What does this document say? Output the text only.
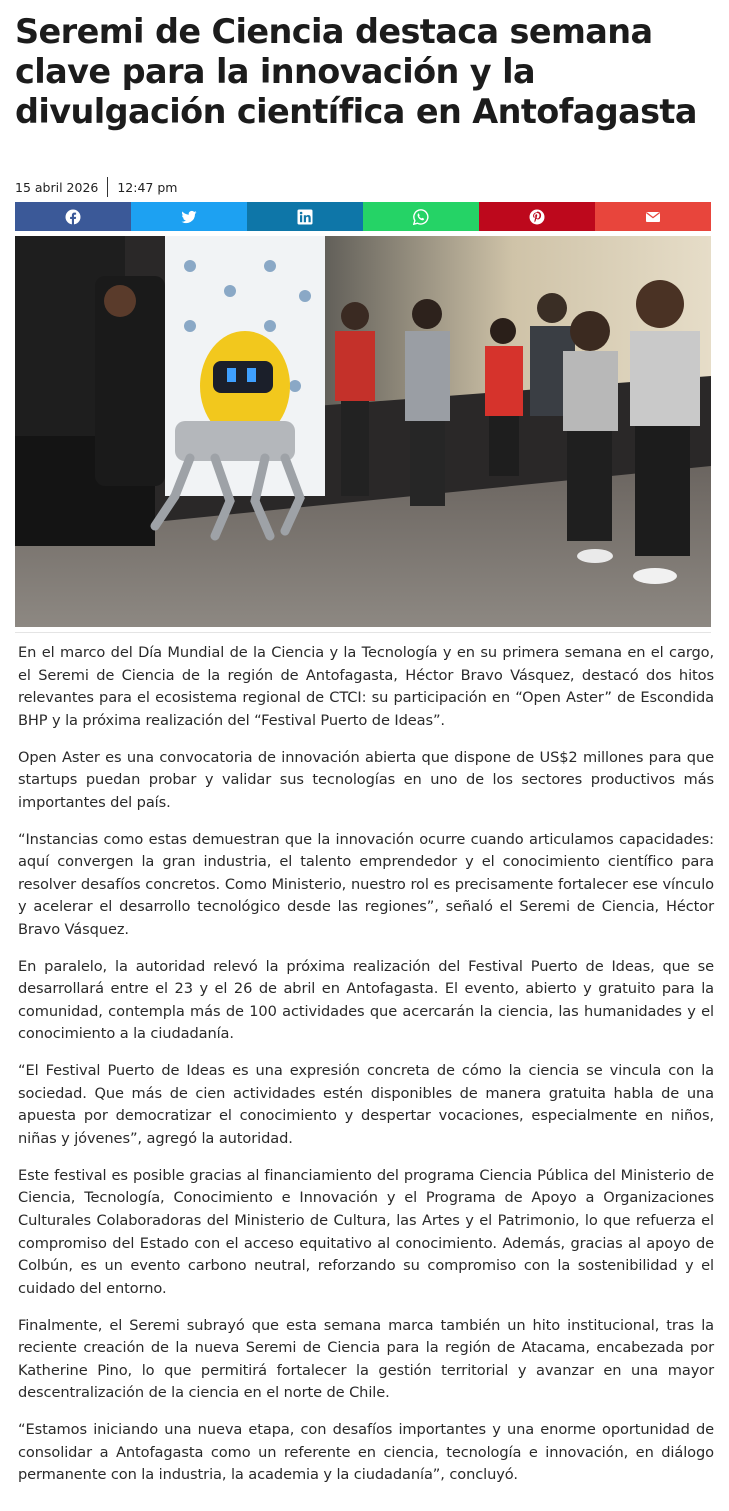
Seremi de Ciencia destaca semana clave para la innovación y la divulgación científica en Antofagasta
15 abril 2026 12:47 pm

En el marco del Día Mundial de la Ciencia y la Tecnología y en su primera semana en el cargo, el Seremi de Ciencia de la región de Antofagasta, Héctor Bravo Vásquez, destacó dos hitos relevantes para el ecosistema regional de CTCI: su participación en “Open Aster” de Escondida BHP y la próxima realización del “Festival Puerto de Ideas”.

Open Aster es una convocatoria de innovación abierta que dispone de US$2 millones para que startups puedan probar y validar sus tecnologías en uno de los sectores productivos más importantes del país.

“Instancias como estas demuestran que la innovación ocurre cuando articulamos capacidades: aquí convergen la gran industria, el talento emprendedor y el conocimiento científico para resolver desafíos concretos. Como Ministerio, nuestro rol es precisamente fortalecer ese vínculo y acelerar el desarrollo tecnológico desde las regiones”, señaló el Seremi de Ciencia, Héctor Bravo Vásquez.

En paralelo, la autoridad relevó la próxima realización del Festival Puerto de Ideas, que se desarrollará entre el 23 y el 26 de abril en Antofagasta. El evento, abierto y gratuito para la comunidad, contempla más de 100 actividades que acercarán la ciencia, las humanidades y el conocimiento a la ciudadanía.

“El Festival Puerto de Ideas es una expresión concreta de cómo la ciencia se vincula con la sociedad. Que más de cien actividades estén disponibles de manera gratuita habla de una apuesta por democratizar el conocimiento y despertar vocaciones, especialmente en niños, niñas y jóvenes”, agregó la autoridad.

Este festival es posible gracias al financiamiento del programa Ciencia Pública del Ministerio de Ciencia, Tecnología, Conocimiento e Innovación y el Programa de Apoyo a Organizaciones Culturales Colaboradoras del Ministerio de Cultura, las Artes y el Patrimonio, lo que refuerza el compromiso del Estado con el acceso equitativo al conocimiento. Además, gracias al apoyo de Colbún, es un evento carbono neutral, reforzando su compromiso con la sostenibilidad y el cuidado del entorno.

Finalmente, el Seremi subrayó que esta semana marca también un hito institucional, tras la reciente creación de la nueva Seremi de Ciencia para la región de Atacama, encabezada por Katherine Pino, lo que permitirá fortalecer la gestión territorial y avanzar en una mayor descentralización de la ciencia en el norte de Chile.

“Estamos iniciando una nueva etapa, con desafíos importantes y una enorme oportunidad de consolidar a Antofagasta como un referente en ciencia, tecnología e innovación, en diálogo permanente con la industria, la academia y la ciudadanía”, concluyó.
